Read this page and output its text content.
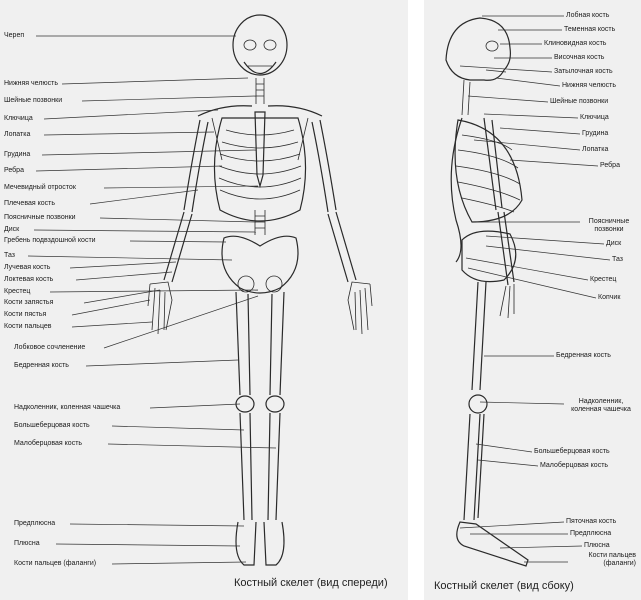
Череп
Нижняя челюсть
Шейные позвонки
Ключица
Лопатка
Грудина
Ребра
Мечевидный отросток
Плечевая кость
Поясничные позвонки
Диск
Гребень подвздошной кости
Таз
Лучевая кость
Локтевая кость
Крестец
Кости запястья
Кости пястья
Кости пальцев
Лобковое сочленение
Бедренная кость
Надколенник, коленная чашечка
Большеберцовая кость
Малоберцовая кость
Предплюсна
Плюсна
Кости пальцев (фаланги)
Костный скелет (вид спереди)
Лобная кость
Теменная кость
Клиновидная кость
Височная кость
Затылочная кость
Нижняя челюсть
Шейные позвонки
Ключица
Грудина
Лопатка
Ребра
Поясничные позвонки
Диск
Таз
Крестец
Копчик
Бедренная кость
Надколенник, коленная чашечка
Большеберцовая кость
Малоберцовая кость
Пяточная кость
Предплюсна
Плюсна
Кости пальцев (фаланги)
Костный скелет (вид сбоку)
